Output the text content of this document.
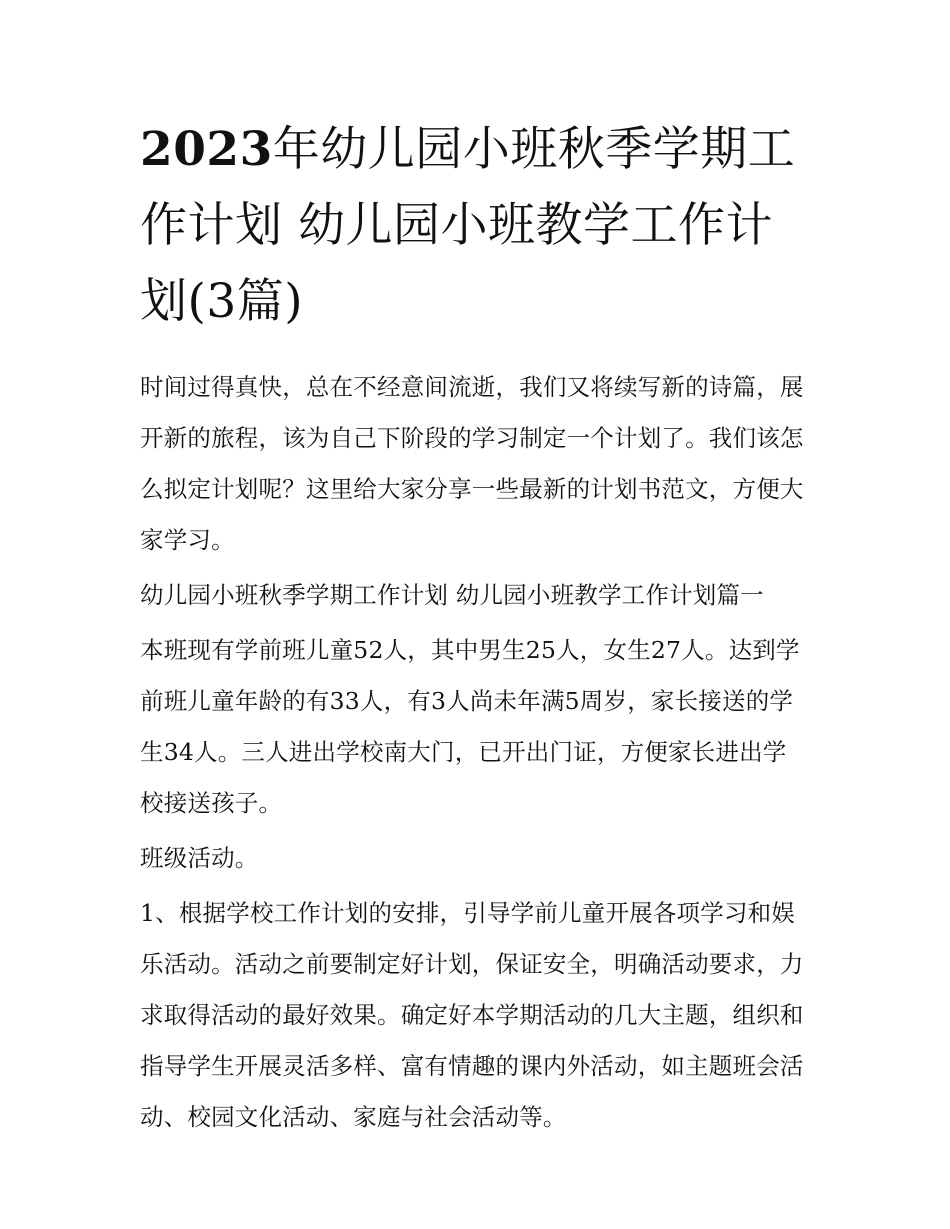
2023年幼儿园小班秋季学期工作计划 幼儿园小班教学工作计划(3篇)

时间过得真快，总在不经意间流逝，我们又将续写新的诗篇，展开新的旅程，该为自己下阶段的学习制定一个计划了。我们该怎么拟定计划呢？这里给大家分享一些最新的计划书范文，方便大家学习。

幼儿园小班秋季学期工作计划 幼儿园小班教学工作计划篇一

本班现有学前班儿童52人，其中男生25人，女生27人。达到学前班儿童年龄的有33人，有3人尚未年满5周岁，家长接送的学生34人。三人进出学校南大门，已开出门证，方便家长进出学校接送孩子。

班级活动。

1、根据学校工作计划的安排，引导学前儿童开展各项学习和娱乐活动。活动之前要制定好计划，保证安全，明确活动要求，力求取得活动的最好效果。确定好本学期活动的几大主题，组织和指导学生开展灵活多样、富有情趣的课内外活动，如主题班会活动、校园文化活动、家庭与社会活动等。
